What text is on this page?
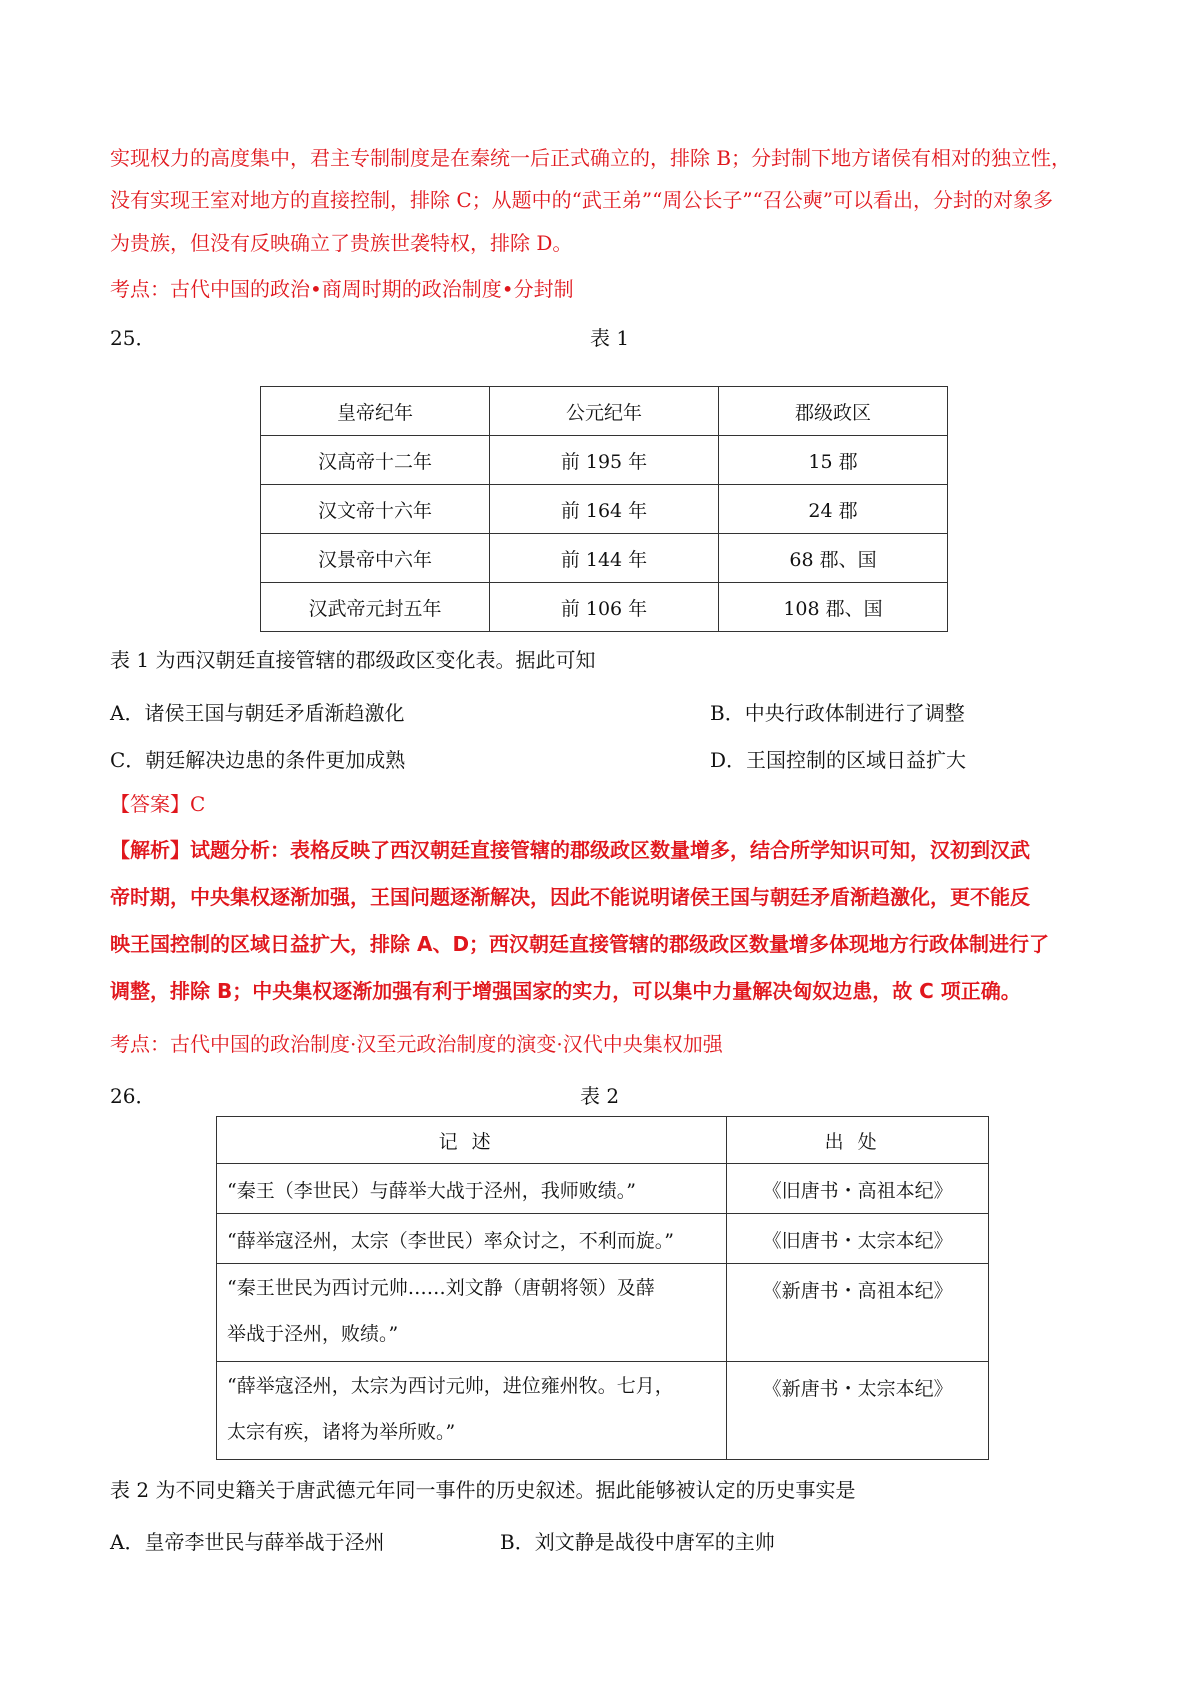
实现权力的高度集中，君主专制制度是在秦统一后正式确立的，排除 B；分封制下地方诸侯有相对的独立性，
没有实现王室对地方的直接控制，排除 C；从题中的“武王弟”“周公长子”“召公奭”可以看出，分封的对象多
为贵族，但没有反映确立了贵族世袭特权，排除 D。
考点：古代中国的政治•商周时期的政治制度•分封制
25．	表 1
皇帝纪年	公元纪年	郡级政区
汉高帝十二年	前 195 年	15 郡
汉文帝十六年	前 164 年	24 郡
汉景帝中六年	前 144 年	68 郡、国
汉武帝元封五年	前 106 年	108 郡、国
表 1 为西汉朝廷直接管辖的郡级政区变化表。据此可知
A．诸侯王国与朝廷矛盾渐趋激化	B．中央行政体制进行了调整
C．朝廷解决边患的条件更加成熟	D．王国控制的区域日益扩大
【答案】C
【解析】试题分析：表格反映了西汉朝廷直接管辖的郡级政区数量增多，结合所学知识可知，汉初到汉武
帝时期，中央集权逐渐加强，王国问题逐渐解决，因此不能说明诸侯王国与朝廷矛盾渐趋激化，更不能反
映王国控制的区域日益扩大，排除 A、D；西汉朝廷直接管辖的郡级政区数量增多体现地方行政体制进行了
调整，排除 B；中央集权逐渐加强有利于增强国家的实力，可以集中力量解决匈奴边患，故 C 项正确。
考点：古代中国的政治制度·汉至元政治制度的演变·汉代中央集权加强
26．	表 2
记述	出处
“秦王（李世民）与薛举大战于泾州，我师败绩。”	《旧唐书・高祖本纪》
“薛举寇泾州，太宗（李世民）率众讨之，不利而旋。”	《旧唐书・太宗本纪》

“秦王世民为西讨元帅……刘文静（唐朝将领）及薛
举战于泾州，败绩。”	《新唐书・高祖本纪》

“薛举寇泾州，太宗为西讨元帅，进位雍州牧。七月，
太宗有疾，诸将为举所败。”	《新唐书・太宗本纪》
表 2 为不同史籍关于唐武德元年同一事件的历史叙述。据此能够被认定的历史事实是
A．皇帝李世民与薛举战于泾州	B．刘文静是战役中唐军的主帅
